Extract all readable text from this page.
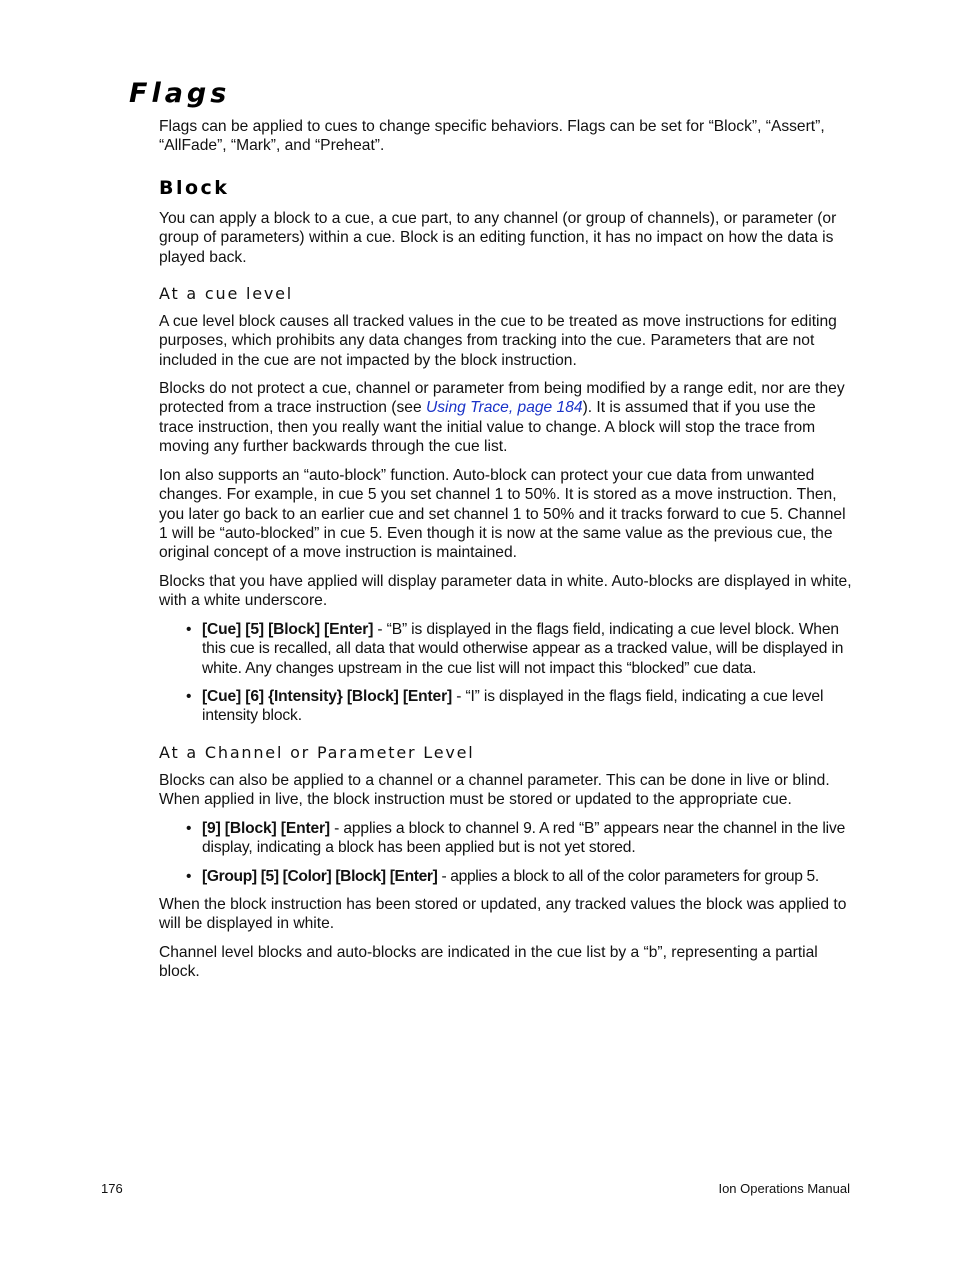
Flags

Flags can be applied to cues to change specific behaviors. Flags can be set for “Block”, “Assert”, “AllFade”, “Mark”, and “Preheat”.

Block

You can apply a block to a cue, a cue part, to any channel (or group of channels), or parameter (or group of parameters) within a cue. Block is an editing function, it has no impact on how the data is played back.

At a cue level

A cue level block causes all tracked values in the cue to be treated as move instructions for editing purposes, which prohibits any data changes from tracking into the cue. Parameters that are not included in the cue are not impacted by the block instruction.

Blocks do not protect a cue, channel or parameter from being modified by a range edit, nor are they protected from a trace instruction (see Using Trace, page 184). It is assumed that if you use the trace instruction, then you really want the initial value to change. A block will stop the trace from moving any further backwards through the cue list.

Ion also supports an “auto-block” function. Auto-block can protect your cue data from unwanted changes. For example, in cue 5 you set channel 1 to 50%. It is stored as a move instruction. Then, you later go back to an earlier cue and set channel 1 to 50% and it tracks forward to cue 5. Channel 1 will be “auto-blocked” in cue 5. Even though it is now at the same value as the previous cue, the original concept of a move instruction is maintained.

Blocks that you have applied will display parameter data in white. Auto-blocks are displayed in white, with a white underscore.

• [Cue] [5] [Block] [Enter] - “B” is displayed in the flags field, indicating a cue level block. When this cue is recalled, all data that would otherwise appear as a tracked value, will be displayed in white. Any changes upstream in the cue list will not impact this “blocked” cue data.
• [Cue] [6] {Intensity} [Block] [Enter] - “I” is displayed in the flags field, indicating a cue level intensity block.
At a Channel or Parameter Level

Blocks can also be applied to a channel or a channel parameter. This can be done in live or blind. When applied in live, the block instruction must be stored or updated to the appropriate cue.

• [9] [Block] [Enter] - applies a block to channel 9. A red “B” appears near the channel in the live display, indicating a block has been applied but is not yet stored.
• [Group] [5] [Color] [Block] [Enter] - applies a block to all of the color parameters for group 5.

When the block instruction has been stored or updated, any tracked values the block was applied to will be displayed in white.

Channel level blocks and auto-blocks are indicated in the cue list by a “b”, representing a partial block.

176	Ion Operations Manual
